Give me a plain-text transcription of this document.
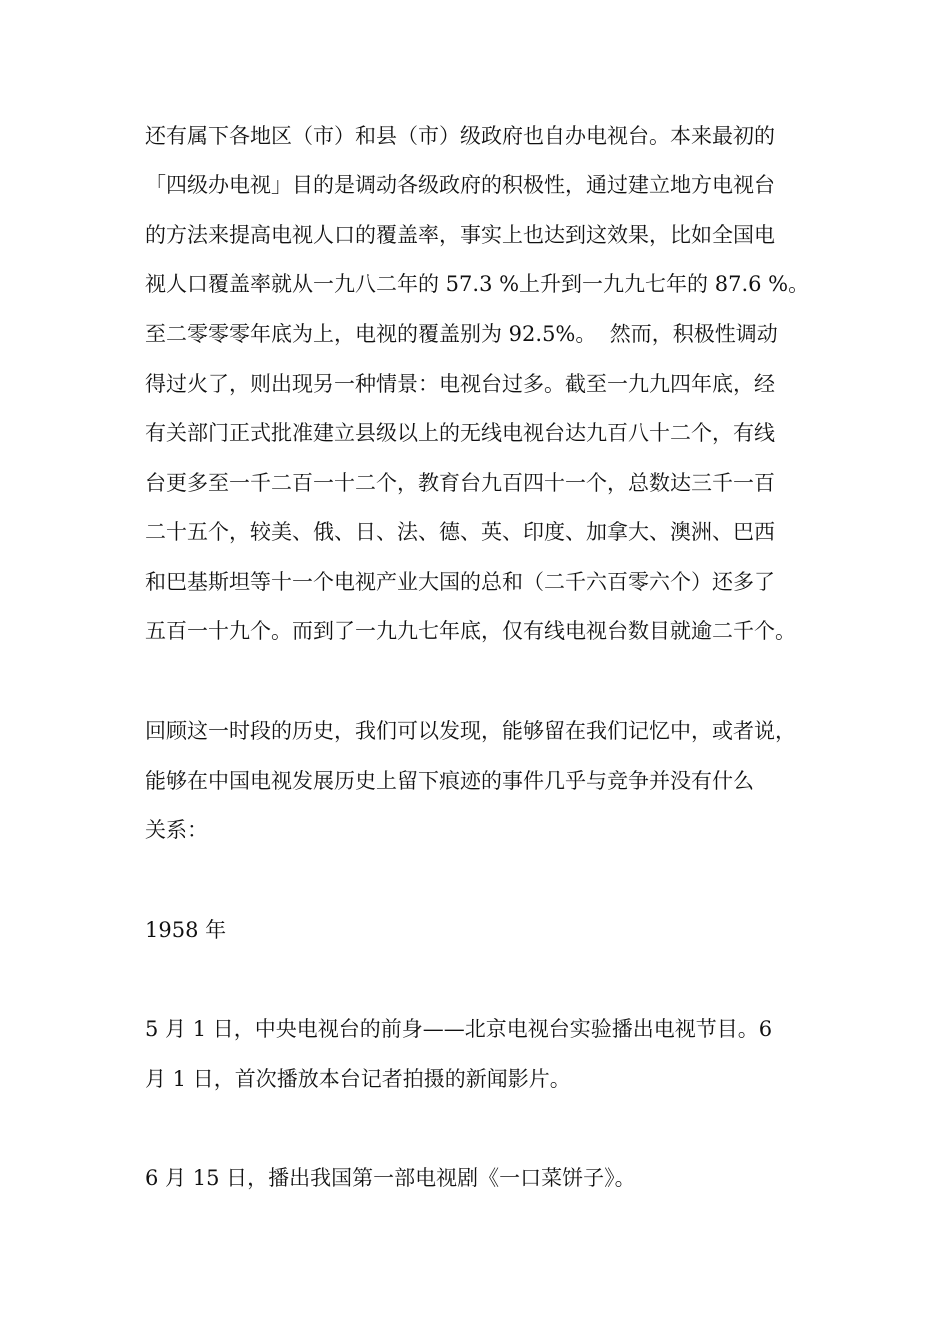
还有属下各地区（市）和县（市）级政府也自办电视台。本来最初的
「四级办电视」目的是调动各级政府的积极性，通过建立地方电视台
的方法来提高电视人口的覆盖率，事实上也达到这效果，比如全国电
视人口覆盖率就从一九八二年的 57.3 %上升到一九九七年的 87.6 %。
至二零零零年底为上，电视的覆盖别为 92.5%。  然而，积极性调动
得过火了，则出现另一种情景：电视台过多。截至一九九四年底，经
有关部门正式批准建立县级以上的无线电视台达九百八十二个，有线
台更多至一千二百一十二个，教育台九百四十一个，总数达三千一百
二十五个，较美、俄、日、法、德、英、印度、加拿大、澳洲、巴西
和巴基斯坦等十一个电视产业大国的总和（二千六百零六个）还多了
五百一十九个。而到了一九九七年底，仅有线电视台数目就逾二千个。
回顾这一时段的历史，我们可以发现，能够留在我们记忆中，或者说，
能够在中国电视发展历史上留下痕迹的事件几乎与竞争并没有什么
关系：
1958 年
5 月 1 日，中央电视台的前身——北京电视台实验播出电视节目。6
月 1 日，首次播放本台记者拍摄的新闻影片。
6 月 15 日，播出我国第一部电视剧《一口菜饼子》。
